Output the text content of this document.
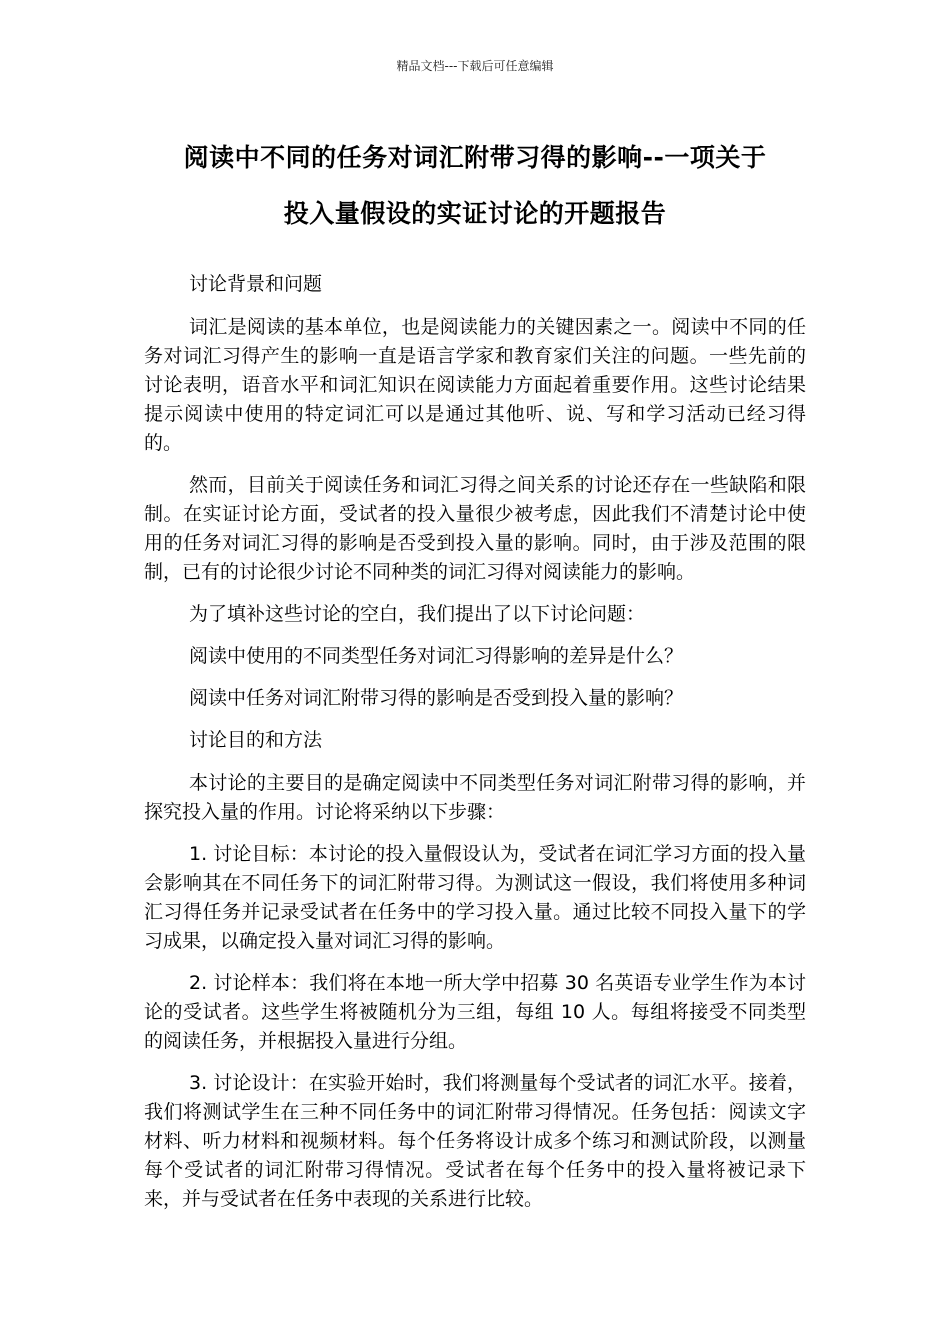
精品文档---下载后可任意编辑
阅读中不同的任务对词汇附带习得的影响--一项关于
投入量假设的实证讨论的开题报告

讨论背景和问题

词汇是阅读的基本单位，也是阅读能力的关键因素之一。阅读中不同的任务对词汇习得产生的影响一直是语言学家和教育家们关注的问题。一些先前的讨论表明，语音水平和词汇知识在阅读能力方面起着重要作用。这些讨论结果提示阅读中使用的特定词汇可以是通过其他听、说、写和学习活动已经习得的。

然而，目前关于阅读任务和词汇习得之间关系的讨论还存在一些缺陷和限制。在实证讨论方面，受试者的投入量很少被考虑，因此我们不清楚讨论中使用的任务对词汇习得的影响是否受到投入量的影响。同时，由于涉及范围的限制，已有的讨论很少讨论不同种类的词汇习得对阅读能力的影响。

为了填补这些讨论的空白，我们提出了以下讨论问题：

阅读中使用的不同类型任务对词汇习得影响的差异是什么？

阅读中任务对词汇附带习得的影响是否受到投入量的影响？

讨论目的和方法

本讨论的主要目的是确定阅读中不同类型任务对词汇附带习得的影响，并探究投入量的作用。讨论将采纳以下步骤：

1. 讨论目标：本讨论的投入量假设认为，受试者在词汇学习方面的投入量会影响其在不同任务下的词汇附带习得。为测试这一假设，我们将使用多种词汇习得任务并记录受试者在任务中的学习投入量。通过比较不同投入量下的学习成果，以确定投入量对词汇习得的影响。

2. 讨论样本：我们将在本地一所大学中招募 30 名英语专业学生作为本讨论的受试者。这些学生将被随机分为三组，每组 10 人。每组将接受不同类型的阅读任务，并根据投入量进行分组。

3. 讨论设计：在实验开始时，我们将测量每个受试者的词汇水平。接着，我们将测试学生在三种不同任务中的词汇附带习得情况。任务包括：阅读文字材料、听力材料和视频材料。每个任务将设计成多个练习和测试阶段，以测量每个受试者的词汇附带习得情况。受试者在每个任务中的投入量将被记录下来，并与受试者在任务中表现的关系进行比较。
